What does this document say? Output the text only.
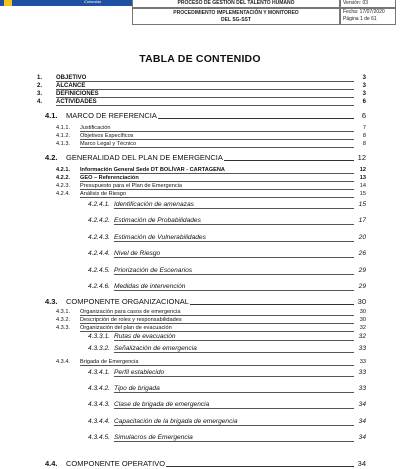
Colombia	PROCESO DE GESTIÓN DEL TALENTO HUMANO
PROCEDIMIENTO IMPLEMENTACIÓN Y MONITOREO
DEL SG-SST
Versión: 03
Fecha: 17/07/2020
Página 1 de 61
TABLA DE CONTENIDO
1. OBJETIVO	3
2. ALCANCE	3
3. DEFINICIONES	3
4. ACTIVIDADES	6
4.1. MARCO DE REFERENCIA	6
4.1.1. Justificación	7
4.1.2. Objetivos Específicos	8
4.1.3. Marco Legal y Técnico	8
4.2. GENERALIDAD DEL PLAN DE EMERGENCIA	12
4.2.1. Información General Sede DT BOLÍVAR - CARTAGENA	12
4.2.2. GEO – Referenciación	13
4.2.3. Presupuesto para el Plan de Emergencia	14
4.2.4. Análisis de Riesgo	15
4.2.4.1. Identificación de amenazas	15
4.2.4.2. Estimación de Probabilidades	17
4.2.4.3. Estimación de Vulnerabilidades	20
4.2.4.4. Nivel de Riesgo	26
4.2.4.5. Priorización de Escenarios	29
4.2.4.6. Medidas de intervención	29
4.3. COMPONENTE ORGANIZACIONAL	30
4.3.1. Organización para casos de emergencia	30
4.3.2. Descripción de roles y responsabilidades	30
4.3.3. Organización del plan de evacuación	32
4.3.3.1. Rutas de evacuación	32
4.3.3.2. Señalización de emergencia	33
4.3.4. Brigada de Emergencia	33
4.3.4.1. Perfil establecido	33
4.3.4.2. Tipo de brigada	33
4.3.4.3. Clase de brigada de emergencia	34
4.3.4.4. Capacitación de la brigada de emergencia	34
4.3.4.5. Simulacros de Emergencia	34
4.4. COMPONENTE OPERATIVO	34
